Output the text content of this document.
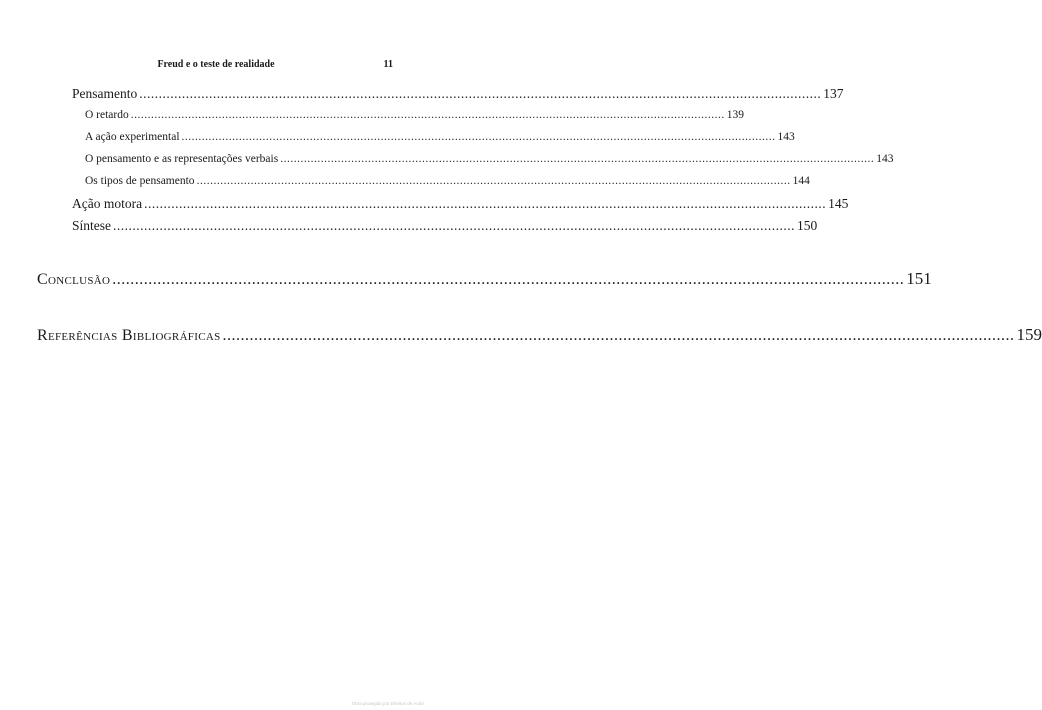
Freud e o teste de realidade	11
Pensamento ................................................................................................................................................................................ 137
O retardo ................................................................................................................................................................................ 139
A ação experimental ................................................................................................................................................................................ 143
O pensamento e as representações verbais ................................................................................................................................................................................ 143
Os tipos de pensamento ................................................................................................................................................................................ 144
Ação motora ................................................................................................................................................................................ 145
Síntese ................................................................................................................................................................................ 150
Conclusão ................................................................................................................................................................................ 151
Referências Bibliográficas ................................................................................................................................................................................ 159
Obra protegida por Direitos de Autor
